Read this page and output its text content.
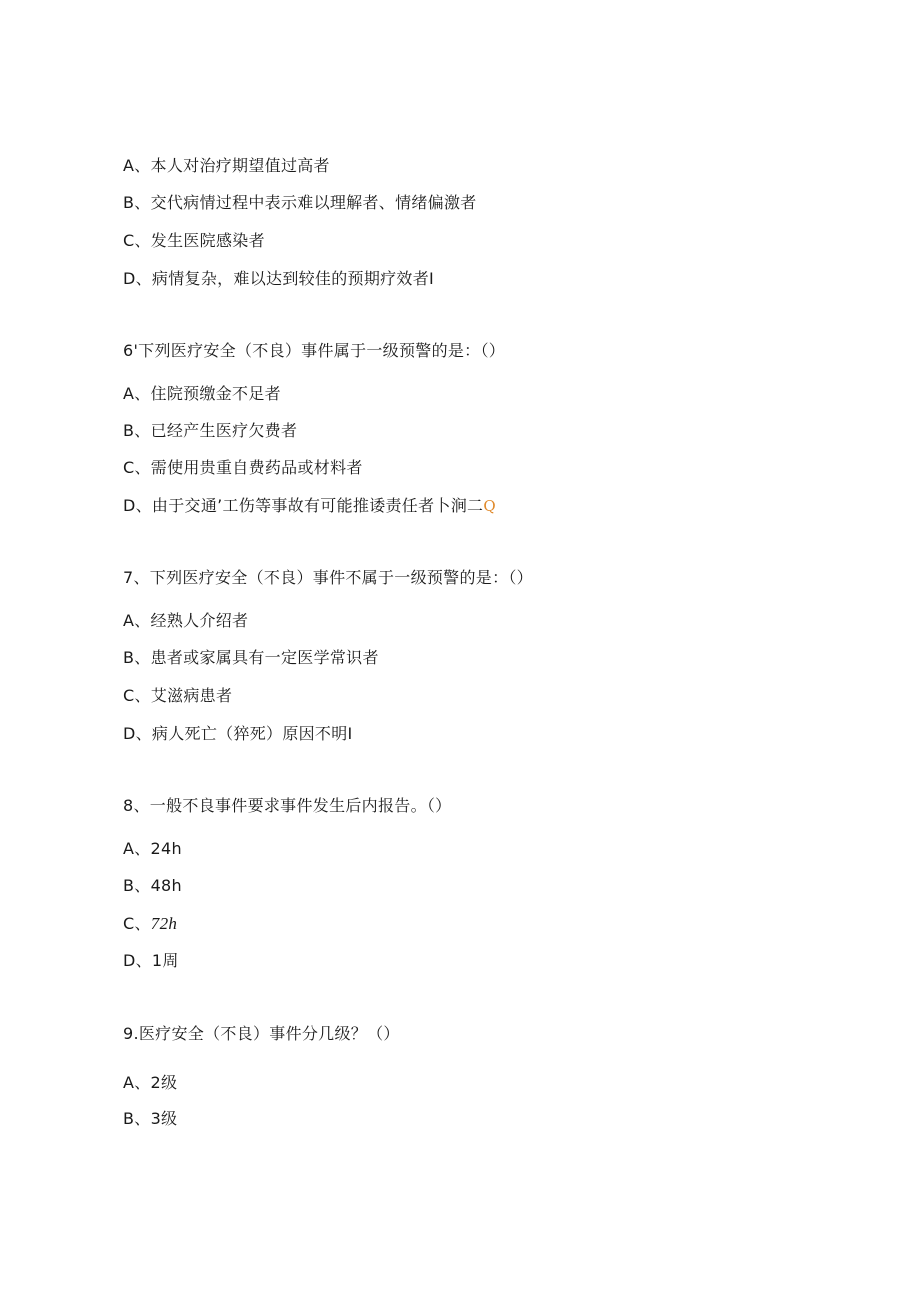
A、本人对治疗期望值过高者
B、交代病情过程中表示难以理解者、情绪偏激者
C、发生医院感染者
D、病情复杂，难以达到较佳的预期疗效者I
6'下列医疗安全（不良）事件属于一级预警的是：（）
A、住院预缴金不足者
B、已经产生医疗欠费者
C、需使用贵重自费药品或材料者
D、由于交通’工伤等事故有可能推诿责任者卜涧二Q
7、下列医疗安全（不良）事件不属于一级预警的是：（）
A、经熟人介绍者
B、患者或家属具有一定医学常识者
C、艾滋病患者
D、病人死亡（猝死）原因不明I
8、一般不良事件要求事件发生后内报告。（）
A、24h
B、48h
C、72h
D、1周
9.医疗安全（不良）事件分几级？（）
A、2级
B、3级
